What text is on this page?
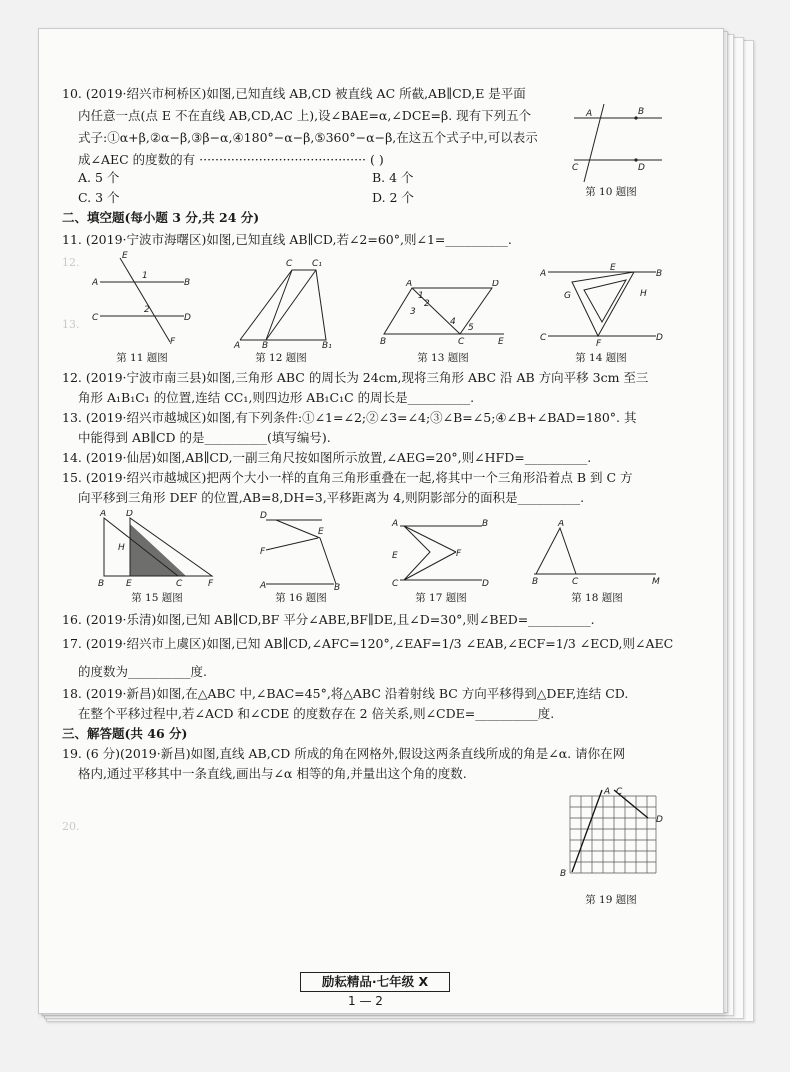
10. (2019·绍兴市柯桥区)如图,已知直线 AB,CD 被直线 AC 所截,AB∥CD,E 是平面
内任意一点(点 E 不在直线 AB,CD,AC 上),设∠BAE=α,∠DCE=β. 现有下列五个
式子:①α+β,②α−β,③β−α,④180°−α−β,⑤360°−α−β,在这五个式子中,可以表示
成∠AEC 的度数的有 ·········································· ( )
A. 5 个	B. 4 个
C. 3 个	D. 2 个
二、填空题(每小题 3 分,共 24 分)
11. (2019·宁波市海曙区)如图,已知直线 AB∥CD,若∠2=60°,则∠1=__________.
12. (2019·宁波市南三县)如图,三角形 ABC 的周长为 24cm,现将三角形 ABC 沿 AB 方向平移 3cm 至三
角形 A₁B₁C₁ 的位置,连结 CC₁,则四边形 AB₁C₁C 的周长是__________.
13. (2019·绍兴市越城区)如图,有下列条件:①∠1=∠2;②∠3=∠4;③∠B=∠5;④∠B+∠BAD=180°. 其
中能得到 AB∥CD 的是__________(填写编号).
14. (2019·仙居)如图,AB∥CD,一副三角尺按如图所示放置,∠AEG=20°,则∠HFD=__________.
15. (2019·绍兴市越城区)把两个大小一样的直角三角形重叠在一起,将其中一个三角形沿着点 B 到 C 方
向平移到三角形 DEF 的位置,AB=8,DH=3,平移距离为 4,则阴影部分的面积是__________.
16. (2019·乐清)如图,已知 AB∥CD,BF 平分∠ABE,BF∥DE,且∠D=30°,则∠BED=__________.
17. (2019·绍兴市上虞区)如图,已知 AB∥CD,∠AFC=120°,∠EAF=1/3 ∠EAB,∠ECF=1/3 ∠ECD,则∠AEC
的度数为__________度.
18. (2019·新昌)如图,在△ABC 中,∠BAC=45°,将△ABC 沿着射线 BC 方向平移得到△DEF,连结 CD.
在整个平移过程中,若∠ACD 和∠CDE 的度数存在 2 倍关系,则∠CDE=__________度.
三、解答题(共 46 分)
19. (6 分)(2019·新昌)如图,直线 AB,CD 所成的角在网格外,假设这两条直线所成的角是∠α. 请你在网
格内,通过平移其中一条直线,画出与∠α 相等的角,并量出这个角的度数.
A	B
C	D
第 10 题图
E
A	B
C	D
F
1
2
第 11 题图
C C₁
A B	B₁
第 12 题图
A	D
B	C	E
1
2
3
4
5
第 13 题图
A	B
C	D
E
G
F
H
第 14 题图
A D
H
B E	C	F
第 15 题图
D
E
F
A	B
第 16 题图
A	B
E
C	D
F
第 17 题图
A
B	C	M
第 18 题图
A C
D
B
第 19 题图
12.
13.
20.
励耘精品·七年级 X
1 — 2
